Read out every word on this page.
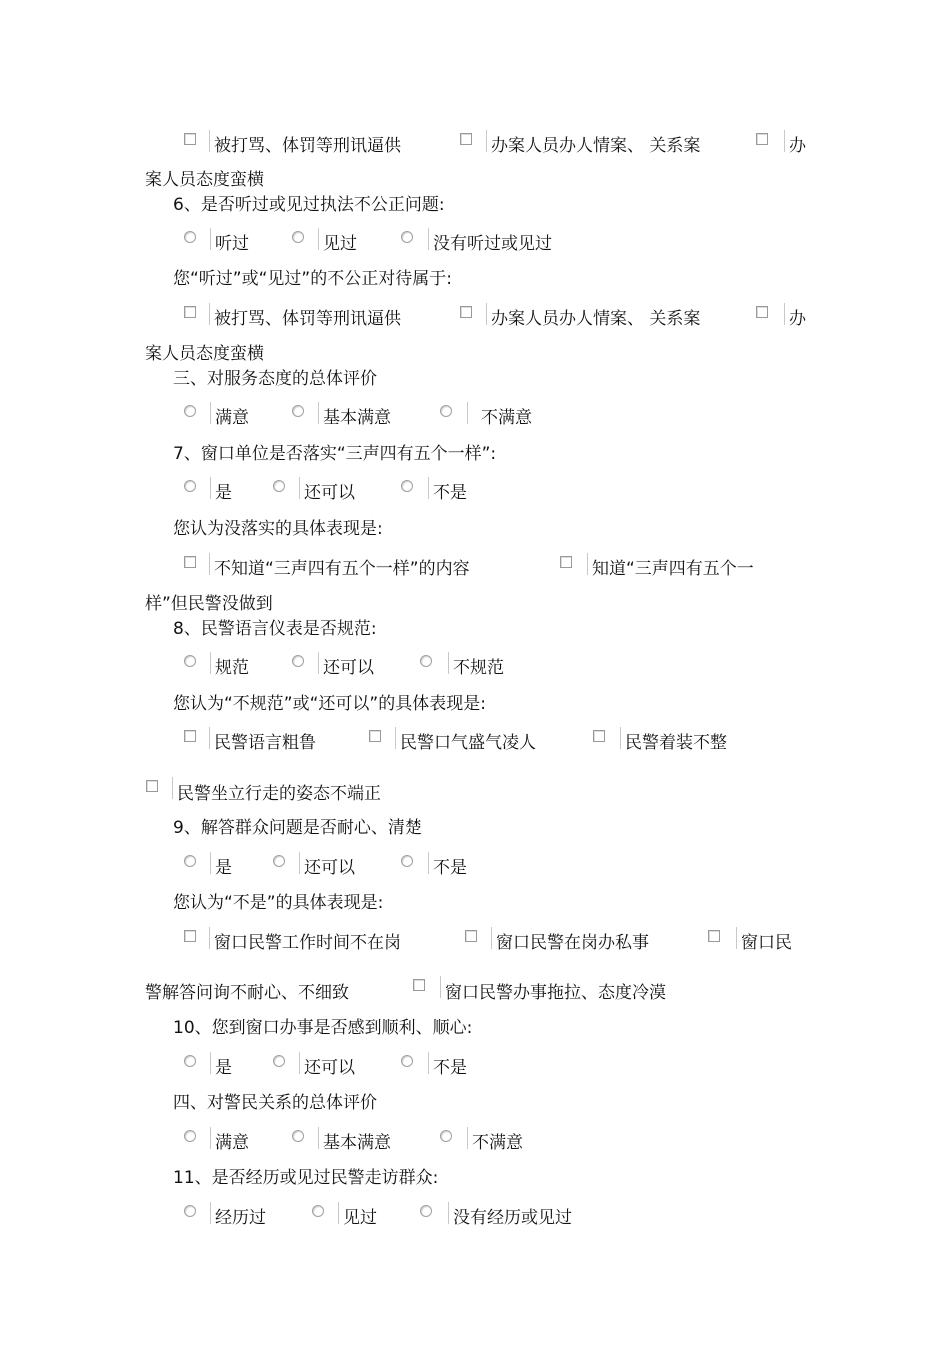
被打骂、体罚等刑讯逼供	办案人员办人情案、 关系案	办
案人员态度蛮横
6、是否听过或见过执法不公正问题:
听过	见过	没有听过或见过
您“听过”或“见过”的不公正对待属于:
被打骂、体罚等刑讯逼供	办案人员办人情案、 关系案	办
案人员态度蛮横
三、对服务态度的总体评价
满意	基本满意	不满意
7、窗口单位是否落实“三声四有五个一样”:
是	还可以	不是
您认为没落实的具体表现是:
不知道“三声四有五个一样”的内容	知道“三声四有五个一
样”但民警没做到
8、民警语言仪表是否规范:
规范	还可以	不规范
您认为“不规范”或“还可以”的具体表现是:
民警语言粗鲁	民警口气盛气凌人	民警着装不整
民警坐立行走的姿态不端正
9、解答群众问题是否耐心、清楚
是	还可以	不是
您认为“不是”的具体表现是:
窗口民警工作时间不在岗	窗口民警在岗办私事	窗口民
警解答问询不耐心、不细致	窗口民警办事拖拉、态度冷漠
10、您到窗口办事是否感到顺利、顺心:
是	还可以	不是
四、对警民关系的总体评价
满意	基本满意	不满意
11、是否经历或见过民警走访群众:
经历过	见过	没有经历或见过
